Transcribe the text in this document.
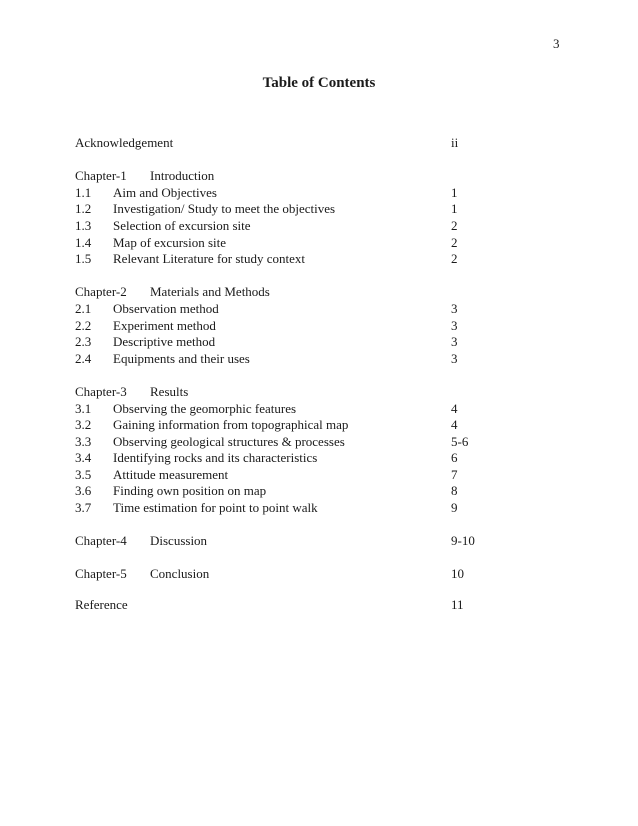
3
Table of Contents
Acknowledgement	ii
Chapter-1 Introduction
1.1 Aim and Objectives	1
1.2 Investigation/ Study to meet the objectives	1
1.3 Selection of excursion site	2
1.4 Map of excursion site	2
1.5 Relevant Literature for study context	2
Chapter-2 Materials and Methods
2.1 Observation method	3
2.2 Experiment method	3
2.3 Descriptive method	3
2.4 Equipments and their uses	3
Chapter-3 Results
3.1 Observing the geomorphic features	4
3.2 Gaining information from topographical map	4
3.3 Observing geological structures & processes	5-6
3.4 Identifying rocks and its characteristics	6
3.5 Attitude measurement	7
3.6 Finding own position on map	8
3.7 Time estimation for point to point walk	9
Chapter-4 Discussion	9-10
Chapter-5 Conclusion	10
Reference	11
